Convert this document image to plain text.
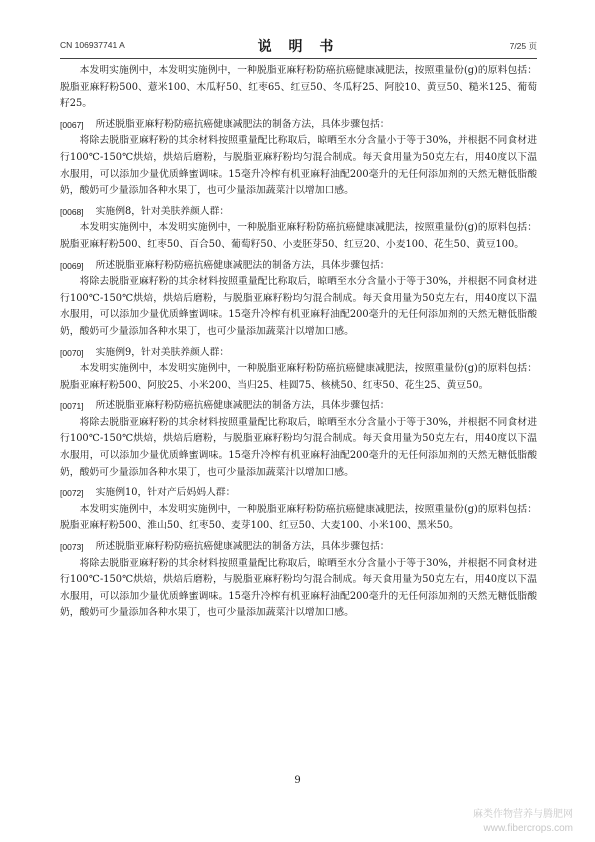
CN 106937741 A	说 明 书	7/25 页

本发明实施例中，本发明实施例中，一种脱脂亚麻籽粉防癌抗癌健康减肥法，按照重量份(g)的原料包括：脱脂亚麻籽粉500、薏米100、木瓜籽50、红枣65、红豆50、冬瓜籽25、阿胶10、黄豆50、糙米125、葡萄籽25。

[0067] 所述脱脂亚麻籽粉防癌抗癌健康减肥法的制备方法，具体步骤包括：

将除去脱脂亚麻籽粉的其余材料按照重量配比称取后，晾晒至水分含量小于等于30%，并根据不同食材进行100℃-150℃烘焙，烘焙后磨粉，与脱脂亚麻籽粉均匀混合制成。每天食用量为50克左右，用40度以下温水服用，可以添加少量优质蜂蜜调味。15毫升冷榨有机亚麻籽油配200毫升的无任何添加剂的天然无糖低脂酸奶，酸奶可少量添加各种水果丁，也可少量添加蔬菜汁以增加口感。

[0068] 实施例8，针对美肤养颜人群：

本发明实施例中，本发明实施例中，一种脱脂亚麻籽粉防癌抗癌健康减肥法，按照重量份(g)的原料包括：脱脂亚麻籽粉500、红枣50、百合50、葡萄籽50、小麦胚芽50、红豆20、小麦100、花生50、黄豆100。

[0069] 所述脱脂亚麻籽粉防癌抗癌健康减肥法的制备方法，具体步骤包括：

将除去脱脂亚麻籽粉的其余材料按照重量配比称取后，晾晒至水分含量小于等于30%，并根据不同食材进行100℃-150℃烘焙，烘焙后磨粉，与脱脂亚麻籽粉均匀混合制成。每天食用量为50克左右，用40度以下温水服用，可以添加少量优质蜂蜜调味。15毫升冷榨有机亚麻籽油配200毫升的无任何添加剂的天然无糖低脂酸奶，酸奶可少量添加各种水果丁，也可少量添加蔬菜汁以增加口感。

[0070] 实施例9，针对美肤养颜人群：

本发明实施例中，本发明实施例中，一种脱脂亚麻籽粉防癌抗癌健康减肥法，按照重量份(g)的原料包括：脱脂亚麻籽粉500、阿胶25、小米200、当归25、桂圆75、核桃50、红枣50、花生25、黄豆50。

[0071] 所述脱脂亚麻籽粉防癌抗癌健康减肥法的制备方法，具体步骤包括：

将除去脱脂亚麻籽粉的其余材料按照重量配比称取后，晾晒至水分含量小于等于30%，并根据不同食材进行100℃-150℃烘焙，烘焙后磨粉，与脱脂亚麻籽粉均匀混合制成。每天食用量为50克左右，用40度以下温水服用，可以添加少量优质蜂蜜调味。15毫升冷榨有机亚麻籽油配200毫升的无任何添加剂的天然无糖低脂酸奶，酸奶可少量添加各种水果丁，也可少量添加蔬菜汁以增加口感。

[0072] 实施例10，针对产后妈妈人群：

本发明实施例中，本发明实施例中，一种脱脂亚麻籽粉防癌抗癌健康减肥法，按照重量份(g)的原料包括：脱脂亚麻籽粉500、淮山50、红枣50、麦芽100、红豆50、大麦100、小米100、黑米50。

[0073] 所述脱脂亚麻籽粉防癌抗癌健康减肥法的制备方法，具体步骤包括：

将除去脱脂亚麻籽粉的其余材料按照重量配比称取后，晾晒至水分含量小于等于30%，并根据不同食材进行100℃-150℃烘焙，烘焙后磨粉，与脱脂亚麻籽粉均匀混合制成。每天食用量为50克左右，用40度以下温水服用，可以添加少量优质蜂蜜调味。15毫升冷榨有机亚麻籽油配200毫升的无任何添加剂的天然无糖低脂酸奶，酸奶可少量添加各种水果丁，也可少量添加蔬菜汁以增加口感。

9
麻类作物营养与腾肥网
www.fibercrops.com
